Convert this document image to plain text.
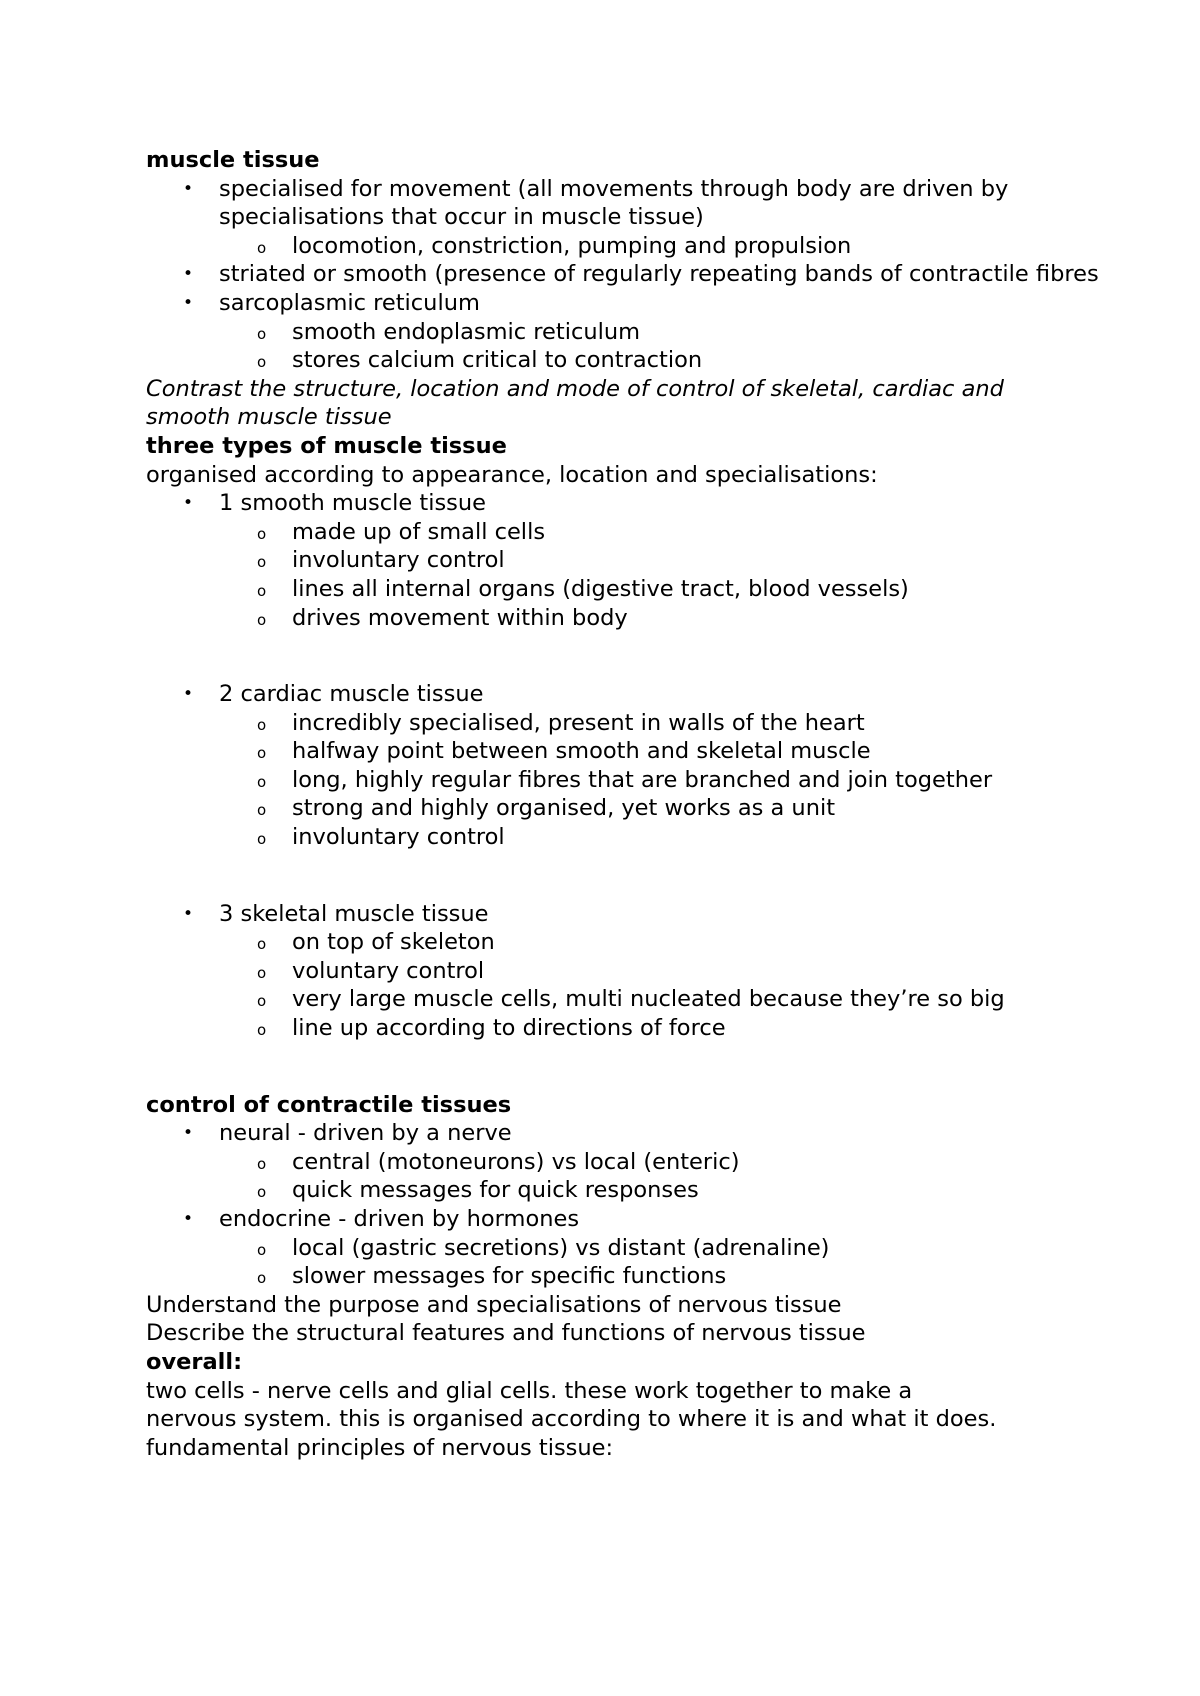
muscle tissue
• specialised for movement (all movements through body are driven by specialisations that occur in muscle tissue)
o locomotion, constriction, pumping and propulsion
• striated or smooth (presence of regularly repeating bands of contractile fibres
• sarcoplasmic reticulum
o smooth endoplasmic reticulum
o stores calcium critical to contraction
Contrast the structure, location and mode of control of skeletal, cardiac and smooth muscle tissue
three types of muscle tissue
organised according to appearance, location and specialisations:
• 1 smooth muscle tissue
o made up of small cells
o involuntary control
o lines all internal organs (digestive tract, blood vessels)
o drives movement within body
• 2 cardiac muscle tissue
o incredibly specialised, present in walls of the heart
o halfway point between smooth and skeletal muscle
o long, highly regular fibres that are branched and join together
o strong and highly organised, yet works as a unit
o involuntary control
• 3 skeletal muscle tissue
o on top of skeleton
o voluntary control
o very large muscle cells, multi nucleated because they’re so big
o line up according to directions of force
control of contractile tissues
• neural - driven by a nerve
o central (motoneurons) vs local (enteric)
o quick messages for quick responses
• endocrine - driven by hormones
o local (gastric secretions) vs distant (adrenaline)
o slower messages for specific functions
Understand the purpose and specialisations of nervous tissue
Describe the structural features and functions of nervous tissue
overall:
two cells - nerve cells and glial cells. these work together to make a nervous system. this is organised according to where it is and what it does.
fundamental principles of nervous tissue:
